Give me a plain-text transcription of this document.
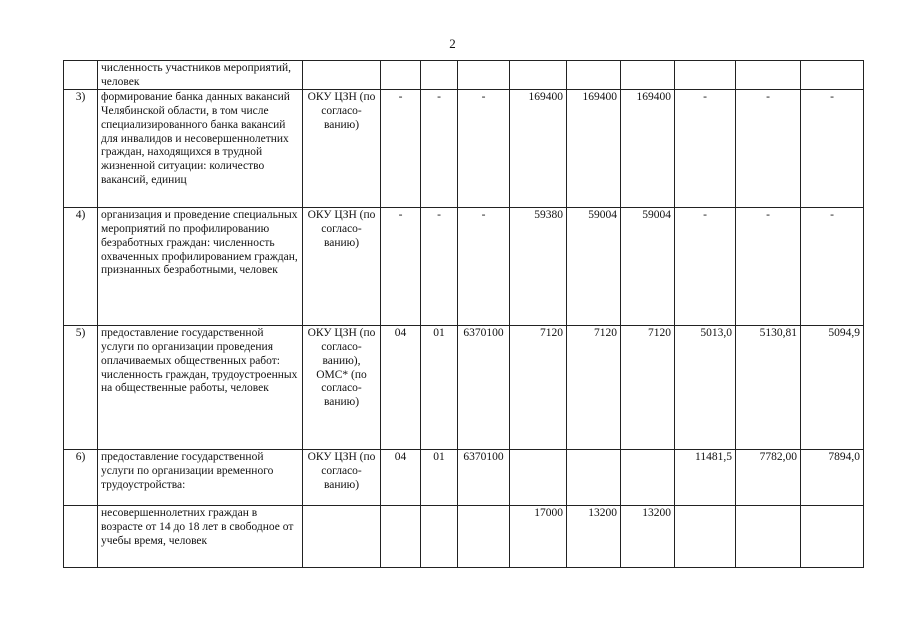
2
	численность участников мероприятий, человек										
3)	формирование банка данных вакансий Челябинской области, в том числе специализированного банка вакансий для инвалидов и несовершеннолетних граждан, находящихся в трудной жизненной ситуации: количество вакансий, единиц	ОКУ ЦЗН (по согласо-ванию)	-	-	-	169400	169400	169400	-	-	-
4)	организация и проведение специальных мероприятий по профилированию безработных граждан: численность охваченных профилированием граждан, признанных безработными, человек	ОКУ ЦЗН (по согласо-ванию)	-	-	-	59380	59004	59004	-	-	-
5)	предоставление государственной услуги по организации проведения оплачиваемых общественных работ: численность граждан, трудоустроенных на общественные работы, человек	ОКУ ЦЗН (по согласо-ванию), ОМС* (по согласо-ванию)	04	01	6370100	7120	7120	7120	5013,0	5130,81	5094,9
6)	предоставление государственной услуги по организации временного трудоустройства:	ОКУ ЦЗН (по согласо-ванию)	04	01	6370100				11481,5	7782,00	7894,0
	несовершеннолетних граждан в возрасте от 14 до 18 лет в свободное от учебы время, человек					17000	13200	13200			
